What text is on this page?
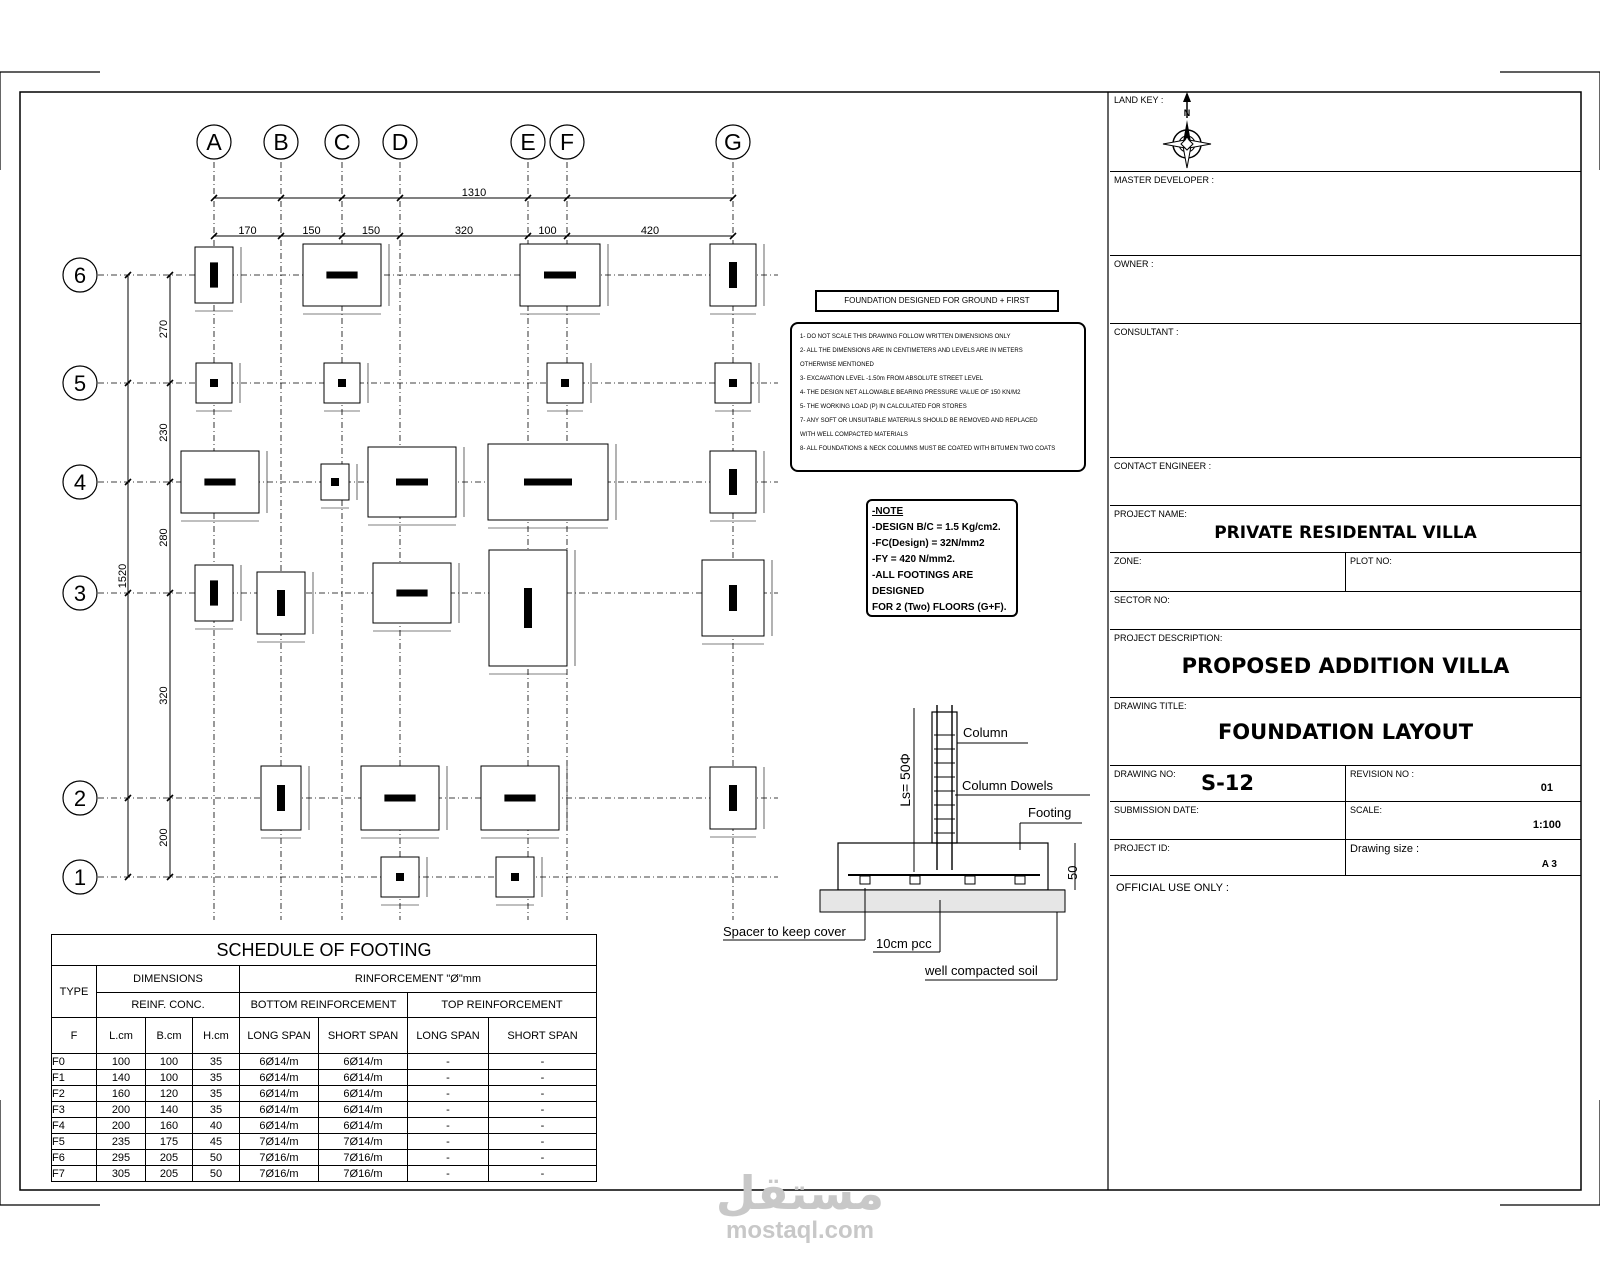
A B C D	E F	G
6
5
4
3
2
1
1310
170	150	150	320	100	420
1520
270
230
280
320
200
Ls= 50Φ
Column
Column Dowels
Footing
50
Spacer to keep cover
10cm pcc
well compacted soil
FOUNDATION DESIGNED FOR GROUND + FIRST
1- DO NOT SCALE THIS DRAWING FOLLOW WRITTEN DIMENSIONS ONLY
2- ALL THE DIMENSIONS ARE IN CENTIMETERS AND LEVELS ARE IN METERS
OTHERWISE MENTIONED
3- EXCAVATION LEVEL -1.50m FROM ABSOLUTE STREET LEVEL
4- THE DESIGN NET ALLOWABLE BEARING PRESSURE VALUE OF 150 KN/M2
5- THE WORKING LOAD (P) IN CALCULATED FOR STORES
7- ANY SOFT OR UNSUITABLE MATERIALS SHOULD BE REMOVED AND REPLACED
WITH WELL COMPACTED MATERIALS
8- ALL FOUNDATIONS & NECK COLUMNS MUST BE COATED WITH BITUMEN TWO COATS
-NOTE
-DESIGN B/C = 1.5 Kg/cm2.
-FC(Design) = 32N/mm2
-FY = 420 N/mm2.
-ALL FOOTINGS ARE DESIGNED
FOR 2 (Two) FLOORS (G+F).
SCHEDULE OF FOOTING							
TYPE	DIMENSIONS			RINFORCEMENT "Ø"mm			
	REINF. CONC.			BOTTOM REINFORCEMENT		TOP REINFORCEMENT	
F	L.cm	B.cm	H.cm	LONG SPAN	SHORT SPAN	LONG SPAN	SHORT SPAN
F0	100	100	35	6Ø14/m	6Ø14/m	-	-
F1	140	100	35	6Ø14/m	6Ø14/m	-	-
F2	160	120	35	6Ø14/m	6Ø14/m	-	-
F3	200	140	35	6Ø14/m	6Ø14/m	-	-
F4	200	160	40	6Ø14/m	6Ø14/m	-	-
F5	235	175	45	7Ø14/m	7Ø14/m	-	-
F6	295	205	50	7Ø16/m	7Ø16/m	-	-
F7	305	205	50	7Ø16/m	7Ø16/m	-	-
LAND KEY :
N
MASTER DEVELOPER :
OWNER :
CONSULTANT :
CONTACT ENGINEER :
PROJECT NAME:
PRIVATE RESIDENTAL VILLA
ZONE:	PLOT NO:
SECTOR NO:
PROJECT DESCRIPTION:
PROPOSED ADDITION VILLA
DRAWING TITLE:
FOUNDATION LAYOUT
DRAWING NO:	S-12	REVISION NO :
01
SUBMISSION DATE:	SCALE:
1:100
PROJECT ID:	Drawing size :
A 3
OFFICIAL USE ONLY :
مستقل
mostaql.com
